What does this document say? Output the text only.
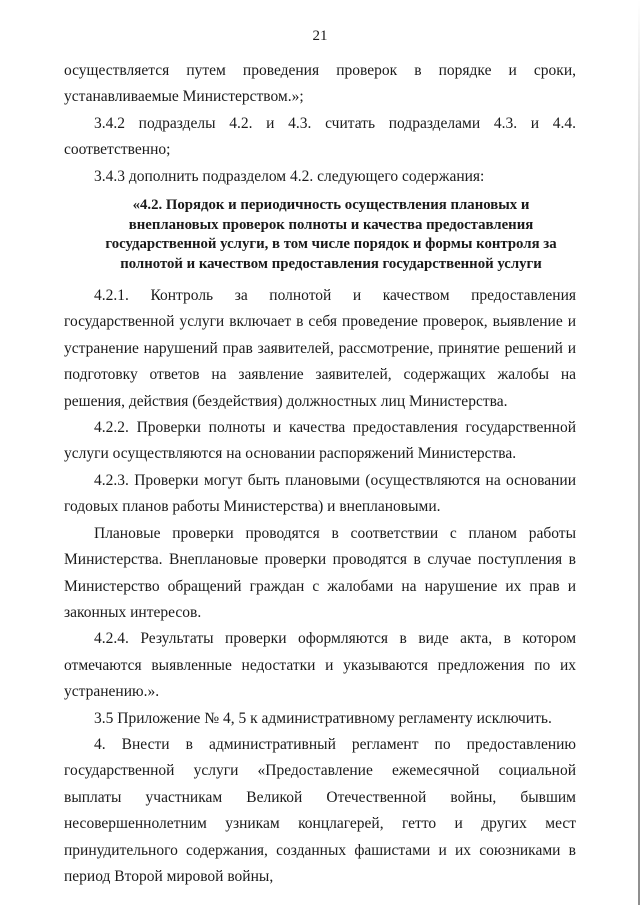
21

осуществляется путем проведения проверок в порядке и сроки, устанавливаемые Министерством.»;

3.4.2 подразделы 4.2. и 4.3. считать подразделами 4.3. и 4.4. соответственно;

3.4.3 дополнить подразделом 4.2. следующего содержания:

«4.2. Порядок и периодичность осуществления плановых и внеплановых проверок полноты и качества предоставления государственной услуги, в том числе порядок и формы контроля за полнотой и качеством предоставления государственной услуги

4.2.1. Контроль за полнотой и качеством предоставления государственной услуги включает в себя проведение проверок, выявление и устранение нарушений прав заявителей, рассмотрение, принятие решений и подготовку ответов на заявление заявителей, содержащих жалобы на решения, действия (бездействия) должностных лиц Министерства.

4.2.2. Проверки полноты и качества предоставления государственной услуги осуществляются на основании распоряжений Министерства.

4.2.3. Проверки могут быть плановыми (осуществляются на основании годовых планов работы Министерства) и внеплановыми.

Плановые проверки проводятся в соответствии с планом работы Министерства. Внеплановые проверки проводятся в случае поступления в Министерство обращений граждан с жалобами на нарушение их прав и законных интересов.

4.2.4. Результаты проверки оформляются в виде акта, в котором отмечаются выявленные недостатки и указываются предложения по их устранению.».

3.5 Приложение № 4, 5 к административному регламенту исключить.

4. Внести в административный регламент по предоставлению государственной услуги «Предоставление ежемесячной социальной выплаты участникам Великой Отечественной войны, бывшим несовершеннолетним узникам концлагерей, гетто и других мест принудительного содержания, созданных фашистами и их союзниками в период Второй мировой войны,
